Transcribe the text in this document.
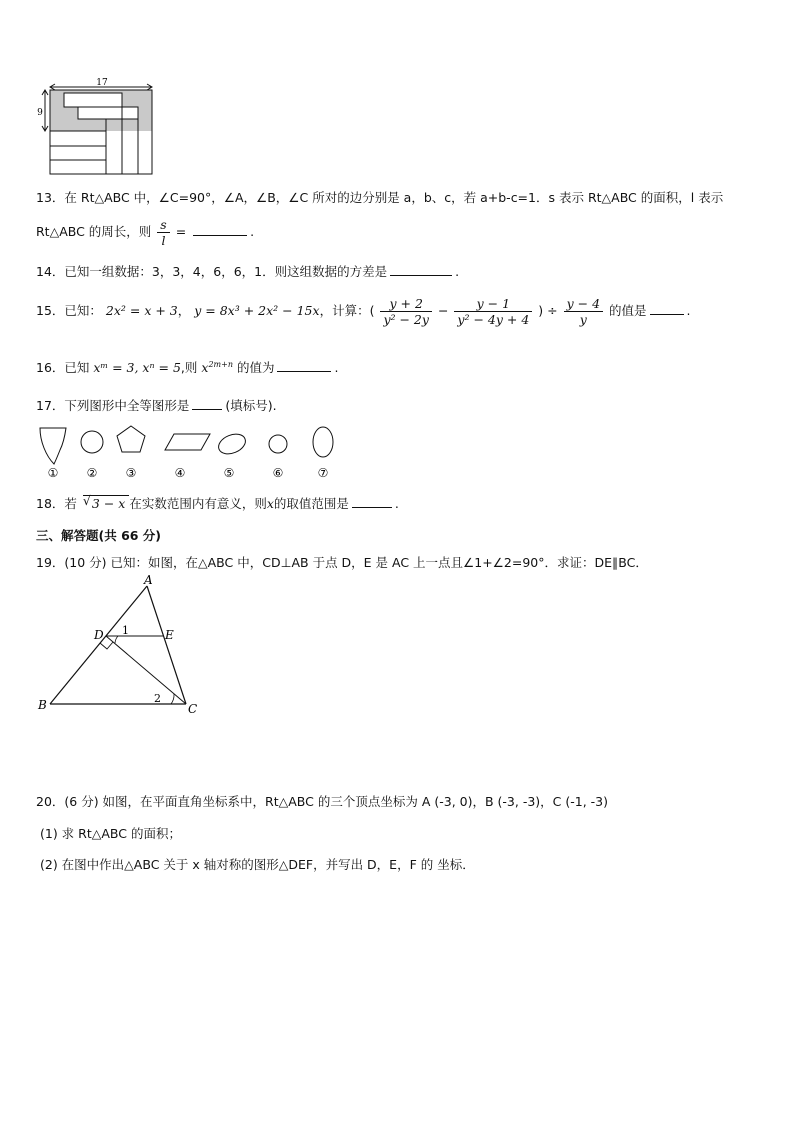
17
9
13．在 Rt△ABC 中，∠C=90°，∠A，∠B，∠C 所对的边分别是 a，b、c，若 a+b-c=1．s 表示 Rt△ABC 的面积，l 表示
Rt△ABC 的周长，则 $\frac{s}{l}$ =	.
14．已知一组数据：3，3，4，6，6，1．则这组数据的方差是	.
15．已知： 2x² = x + 3， y = 8x³ + 2x² − 15x，计算：( $\frac{y + 2}{\text{y² − 2y}} - \frac{y - 1}{\text{y² − 4y + 4}}$ ) ÷ $\frac{y - 4}{y}$ 的值是	.
16．已知 xᵐ = 3, xⁿ = 5,则 $x^{2m+n}$ 的值为	.
17．下列图形中全等图形是	(填标号).
① ② ③	④	⑤	⑥	⑦
18．若 √ 3 − x 在实数范围内有意义，则x的取值范围是	.
三、解答题(共 66 分)
19．(10 分) 已知：如图，在△ABC 中，CD⊥AB 于点 D，E 是 AC 上一点且∠1+∠2=90°．求证：DE∥BC．
A
B	C
D	E
1
2
20．(6 分) 如图，在平面直角坐标系中，Rt△ABC 的三个顶点坐标为 A (-3, 0)，B (-3, -3)，C (-1, -3)
(1) 求 Rt△ABC 的面积；
(2) 在图中作出△ABC 关于 x 轴对称的图形△DEF，并写出 D，E，F 的 坐标．
